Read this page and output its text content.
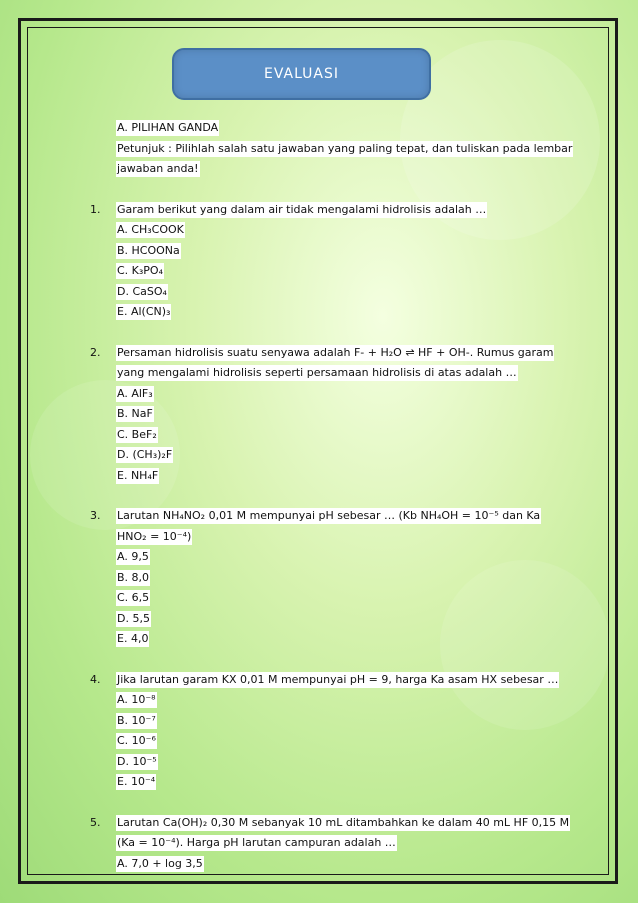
EVALUASI
A. PILIHAN GANDA
Petunjuk : Pilihlah salah satu jawaban yang paling tepat, dan tuliskan pada lembar
jawaban anda!
1. Garam berikut yang dalam air tidak mengalami hidrolisis adalah …
A. CH₃COOK
B. HCOONa
C. K₃PO₄
D. CaSO₄
E. Al(CN)₃
2. Persaman hidrolisis suatu senyawa adalah F- + H₂O ⇌ HF + OH-. Rumus garam
yang mengalami hidrolisis seperti persamaan hidrolisis di atas adalah …
A. AlF₃
B. NaF
C. BeF₂
D. (CH₃)₂F
E. NH₄F
3. Larutan NH₄NO₂ 0,01 M mempunyai pH sebesar … (Kb NH₄OH = 10⁻⁵ dan Ka
HNO₂ = 10⁻⁴)
A. 9,5
B. 8,0
C. 6,5
D. 5,5
E. 4,0
4. Jika larutan garam KX 0,01 M mempunyai pH = 9, harga Ka asam HX sebesar …
A. 10⁻⁸
B. 10⁻⁷
C. 10⁻⁶
D. 10⁻⁵
E. 10⁻⁴
5. Larutan Ca(OH)₂ 0,30 M sebanyak 10 mL ditambahkan ke dalam 40 mL HF 0,15 M
(Ka = 10⁻⁴). Harga pH larutan campuran adalah …
A. 7,0 + log 3,5
